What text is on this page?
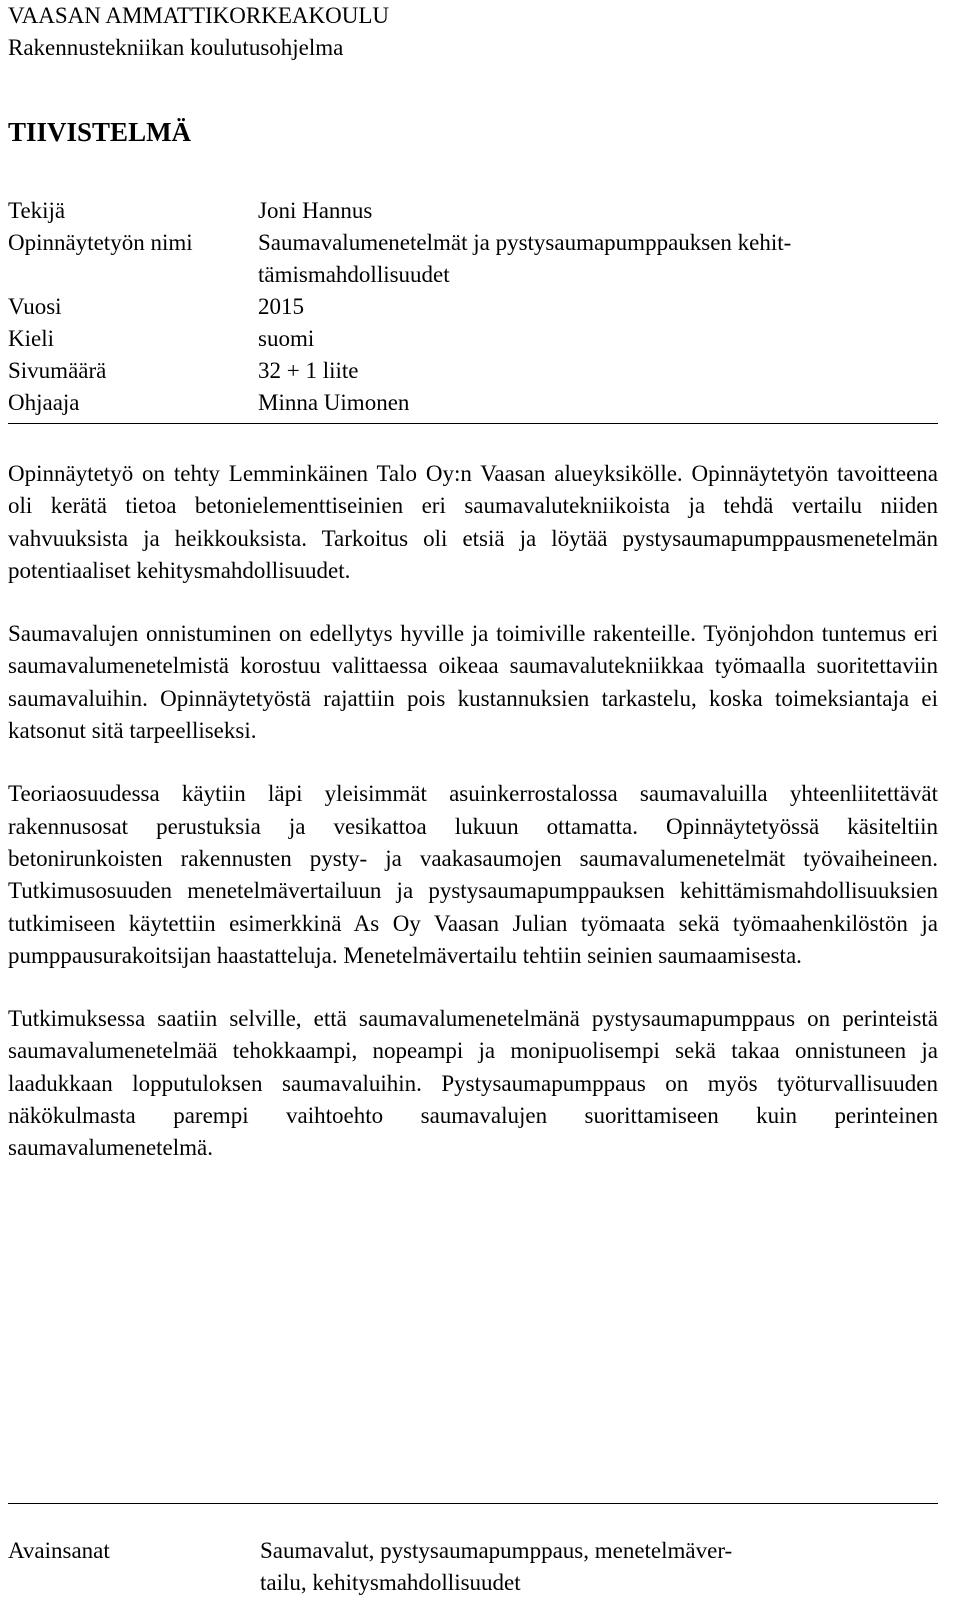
VAASAN AMMATTIKORKEAKOULU
Rakennustekniikan koulutusohjelma
TIIVISTELMÄ
Tekijä	Joni Hannus
Opinnäytetyön nimi	Saumavalumenetelmät ja pystysaumapumppauksen kehit-
tämismahdollisuudet
Vuosi	2015
Kieli	suomi
Sivumäärä	32 + 1 liite
Ohjaaja	Minna Uimonen

Opinnäytetyö on tehty Lemminkäinen Talo Oy:n Vaasan alueyksikölle. Opinnäytetyön tavoitteena oli kerätä tietoa betonielementtiseinien eri saumavalutekniikoista ja tehdä vertailu niiden vahvuuksista ja heikkouksista. Tarkoitus oli etsiä ja löytää pystysaumapumppausmenetelmän potentiaaliset kehitysmahdollisuudet.

Saumavalujen onnistuminen on edellytys hyville ja toimiville rakenteille. Työnjohdon tuntemus eri saumavalumenetelmistä korostuu valittaessa oikeaa saumavalutekniikkaa työmaalla suoritettaviin saumavaluihin. Opinnäytetyöstä rajattiin pois kustannuksien tarkastelu, koska toimeksiantaja ei katsonut sitä tarpeelliseksi.

Teoriaosuudessa käytiin läpi yleisimmät asuinkerrostalossa saumavaluilla yhteenliitettävät rakennusosat perustuksia ja vesikattoa lukuun ottamatta. Opinnäytetyössä käsiteltiin betonirunkoisten rakennusten pysty- ja vaakasaumojen saumavalumenetelmät työvaiheineen. Tutkimusosuuden menetelmävertailuun ja pystysaumapumppauksen kehittämismahdollisuuksien tutkimiseen käytettiin esimerkkinä As Oy Vaasan Julian työmaata sekä työmaahenkilöstön ja pumppausurakoitsijan haastatteluja. Menetelmävertailu tehtiin seinien saumaamisesta.

Tutkimuksessa saatiin selville, että saumavalumenetelmänä pystysaumapumppaus on perinteistä saumavalumenetelmää tehokkaampi, nopeampi ja monipuolisempi sekä takaa onnistuneen ja laadukkaan lopputuloksen saumavaluihin. Pystysaumapumppaus on myös työturvallisuuden näkökulmasta parempi vaihtoehto saumavalujen suorittamiseen kuin perinteinen saumavalumenetelmä.

Avainsanat	Saumavalut, pystysaumapumppaus, menetelmäver-
tailu, kehitysmahdollisuudet
